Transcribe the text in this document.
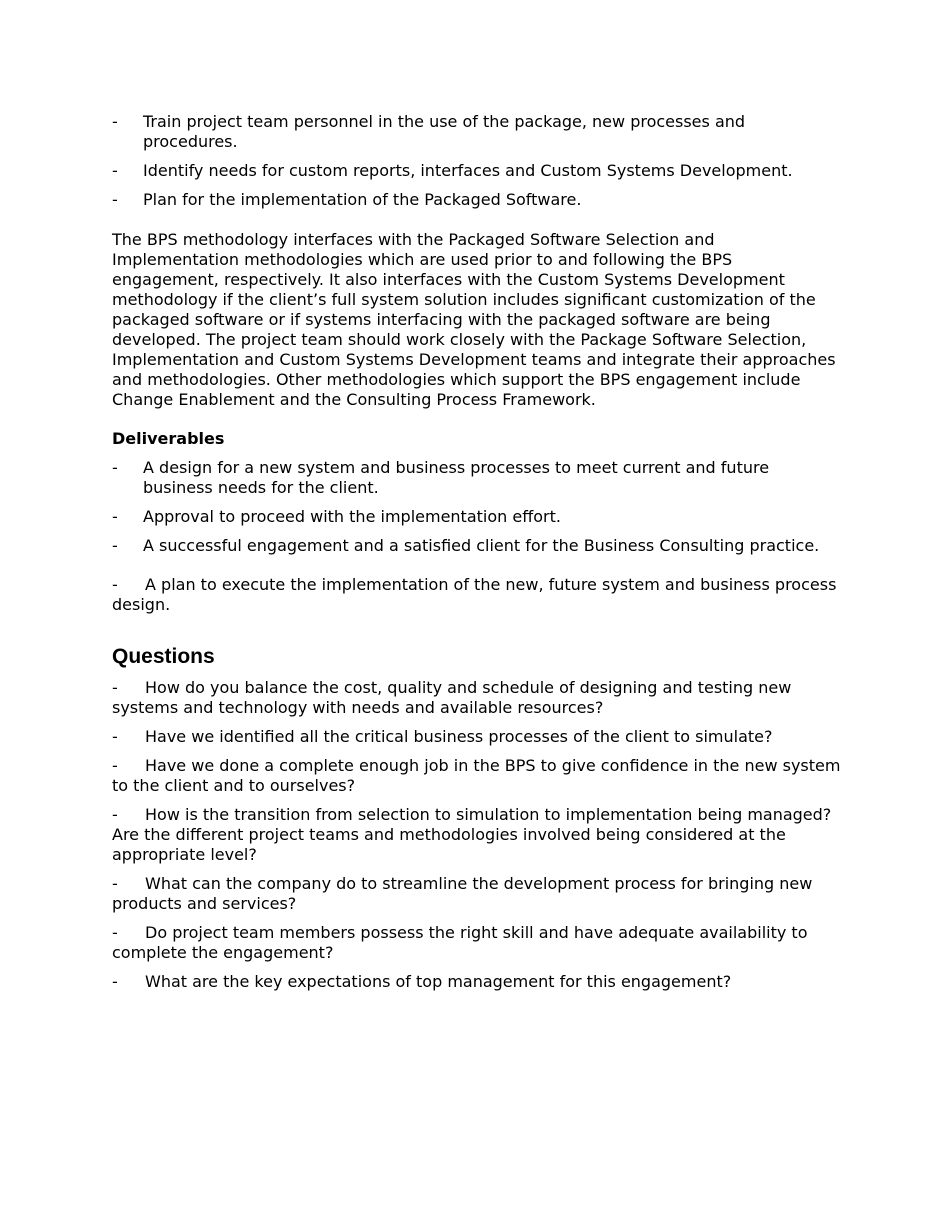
- Train project team personnel in the use of the package, new processes and procedures.
- Identify needs for custom reports, interfaces and Custom Systems Development.
- Plan for the implementation of the Packaged Software.

The BPS methodology interfaces with the Packaged Software Selection and Implementation methodologies which are used prior to and following the BPS engagement, respectively. It also interfaces with the Custom Systems Development methodology if the client’s full system solution includes significant customization of the packaged software or if systems interfacing with the packaged software are being developed. The project team should work closely with the Package Software Selection, Implementation and Custom Systems Development teams and integrate their approaches and methodologies. Other methodologies which support the BPS engagement include Change Enablement and the Consulting Process Framework.

Deliverables
- A design for a new system and business processes to meet current and future business needs for the client.
- Approval to proceed with the implementation effort.
- A successful engagement and a satisfied client for the Business Consulting practice.
- A plan to execute the implementation of the new, future system and business process design.
Questions
- How do you balance the cost, quality and schedule of designing and testing new systems and technology with needs and available resources?
- Have we identified all the critical business processes of the client to simulate?
- Have we done a complete enough job in the BPS to give confidence in the new system to the client and to ourselves?
- How is the transition from selection to simulation to implementation being managed? Are the different project teams and methodologies involved being considered at the appropriate level?
- What can the company do to streamline the development process for bringing new products and services?
- Do project team members possess the right skill and have adequate availability to complete the engagement?
- What are the key expectations of top management for this engagement?
